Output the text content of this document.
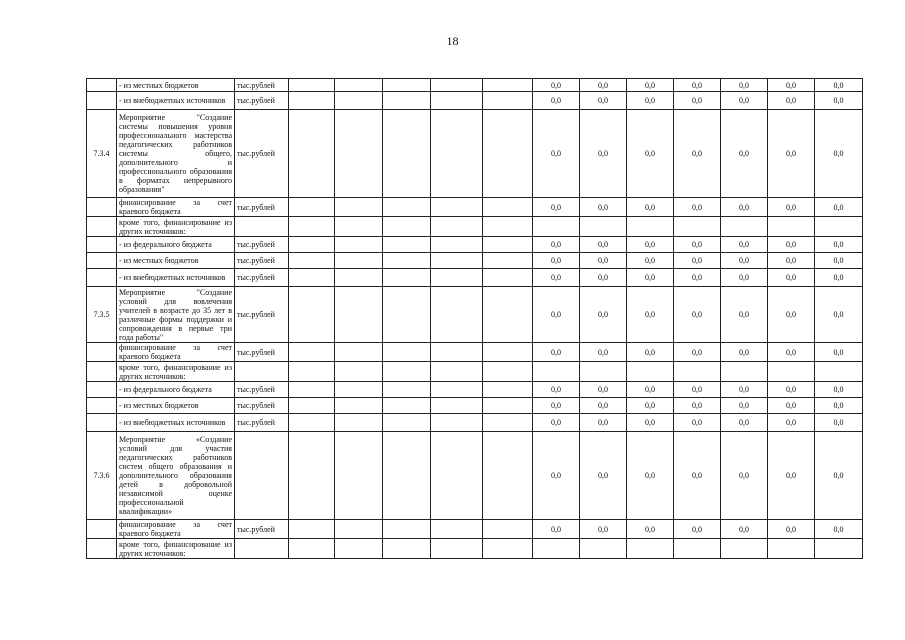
18
	- из местных бюджетов	тыс.рублей						0,0	0,0	0,0	0,0	0,0	0,0	0,0
	- из внебюджетных источников	тыс.рублей						0,0	0,0	0,0	0,0	0,0	0,0	0,0
7.3.4	Мероприятие "Создание системы повышения уровня профессионального мастерства педагогических работников системы общего, дополнительного и профессионального образования в форматах непрерывного образования"	тыс.рублей						0,0	0,0	0,0	0,0	0,0	0,0	0,0
	финансирование за счет краевого бюджета	тыс.рублей						0,0	0,0	0,0	0,0	0,0	0,0	0,0
	кроме того, финансирование из других источников:													
	- из федерального бюджета	тыс.рублей						0,0	0,0	0,0	0,0	0,0	0,0	0,0
	- из местных бюджетов	тыс.рублей						0,0	0,0	0,0	0,0	0,0	0,0	0,0
	- из внебюджетных источников	тыс.рублей						0,0	0,0	0,0	0,0	0,0	0,0	0,0
7.3.5	Мероприятие "Создание условий для вовлечения учителей в возрасте до 35 лет в различные формы поддержки и сопровождения в первые три года работы"	тыс.рублей						0,0	0,0	0,0	0,0	0,0	0,0	0,0
	финансирование за счет краевого бюджета	тыс.рублей						0,0	0,0	0,0	0,0	0,0	0,0	0,0
	кроме того, финансирование из других источников:													
	- из федерального бюджета	тыс.рублей						0,0	0,0	0,0	0,0	0,0	0,0	0,0
	- из местных бюджетов	тыс.рублей						0,0	0,0	0,0	0,0	0,0	0,0	0,0
	- из внебюджетных источников	тыс.рублей						0,0	0,0	0,0	0,0	0,0	0,0	0,0
7.3.6	Мероприятие «Создание условий для участия педагогических работников систем общего образования и дополнительного образования детей в добровольной независимой оценке профессиональной квалификации»							0,0	0,0	0,0	0,0	0,0	0,0	0,0
	финансирование за счет краевого бюджета	тыс.рублей						0,0	0,0	0,0	0,0	0,0	0,0	0,0
	кроме того, финансирование из других источников:													
